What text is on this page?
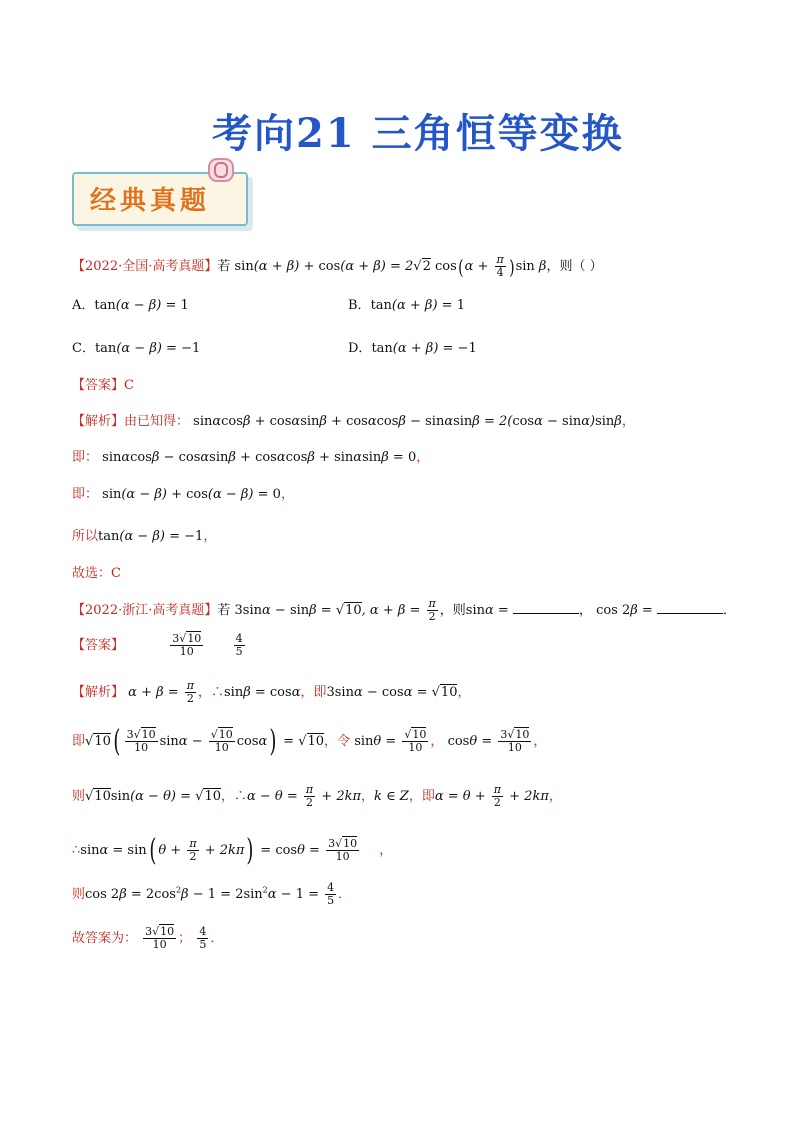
考向21 三角恒等变换
经典真题
【2022·全国·高考真题】若 sin(α + β) + cos(α + β) = 2√2 $\cos(\alpha + \frac{\pi}{4} )\sin$ β，则（ ）
A．tan(α − β) = 1	B．tan(α + β) = 1
C．tan(α − β) = −1	D．tan(α + β) = −1
【答案】C
【解析】由已知得： sinαcosβ + cosαsinβ + cosαcosβ − sinαsinβ = 2(cosα − sinα)sinβ，
即： sinαcosβ − cosαsinβ + cosαcosβ + sinαsinβ = 0，
即： sin(α − β) + cos(α − β) = 0，
所以tan(α − β) = −1，
故选：C
【2022·浙江·高考真题】若 3sinα − sinβ = √10, $\alpha + \beta = \frac{\pi}{2}$ ，则sinα =	， cos 2β =	．
【答案】	$\frac{3√10}{10}$
	$\frac{4}{5}$
【解析】 $\alpha + \beta = \frac{\pi}{2}$ ，∴sinβ = cosα，即3sinα − cosα = √10，
即$√10( \frac{3√10}{10}$ $\sin\alpha - \frac{√10}{10} \cos\alpha) = √10$，令 $\sin\theta = \frac{√10}{10}$ ， $\cos\theta = \frac{3√10}{10}$ ，
则√10sin(α − θ) = √10，∴α − $\theta = \frac{\pi}{2} + 2k\pi$，k ∈ Z，即$\alpha = \theta + \frac{\pi}{2} + 2k\pi$，
∴sinα = sin( $\theta + \frac{\pi}{2} + 2k\pi) = \cos\theta = \frac{3√10}{10}$ ，
则$\cos 2\beta = 2\cos^2\beta - 1 = 2\sin^2\alpha - 1 = \frac{4}{5}$ ．
故答案为： $\frac{3√10}{10}$ ； $\frac{4}{5}$ ．
